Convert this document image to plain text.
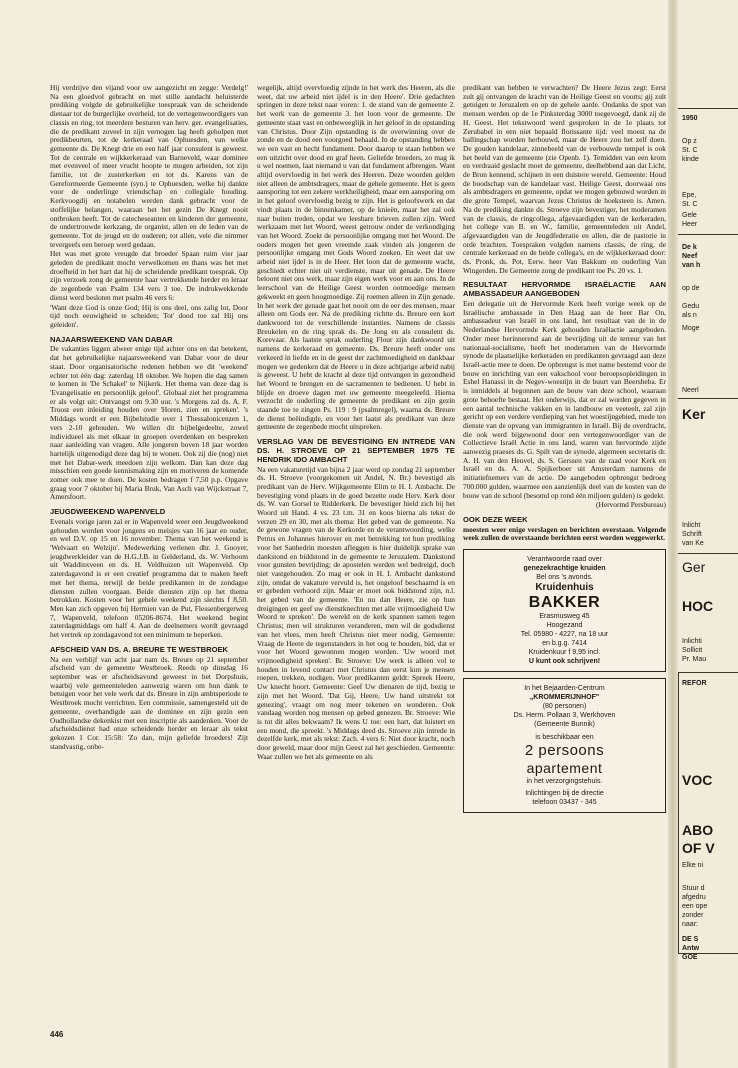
Hij verdrijve den vijand voor uw aangezicht en zegge: Verdelg!' Na een gloedvol gebracht en met stille aandacht beluisterde prediking volgde de gebruikelijke toespraak van de scheidende dienaar tot de burgerlijke overheid, tot de vertegenwoordigers van classis en ring, tot meerdere besturen van herv. ger. evangelisaties, die de predikant zoveel in zijn vernogen lag heeft geholpen met predikbeurten, tot de kerkeraad van Ophuesden, van welke gemeente ds. De Knegt drie en een half jaar consulent is geweest. Tot de centrale en wijkkerkeraad van Barneveld, waar dominee met evenveel of meer vrucht hoopte te mogen arbeiden, tot zijn familie, tot de zusterkerken en tot ds. Karens van de Gereformeerde Gemeente (syn.) te Ophuesden, welke hij dankte voor de onderlinge vriendschap en collegiale houding. Kerkvoogdij en notabelen werden dank gebracht voor de stoffelijke belangen, waaraan het het gezin De Knegt nooit ontbroken heeft. Tot de catecheseanten en kinderen der gemeente, de ondertrouwde kerkzang, de organist, allen en de leden van de gemeente. Tot de jeugd en de ouderen; tot allen, vele die nimmer tevergeefs een beroep werd gedaan.

Het was met grote vreugde dat broeder Spaan ruim vier jaar geleden de predikant mocht verwelkomen en thans was het met droefheid in het hart dat hij de scheidende predikant toesprak. Op zijn verzoek zong de gemeente haar vertrekkende herder en leraar de zegenbede van Psalm 134 vers 3 toe. De indrukwekkende dienst werd besloten met psalm 46 vers 6:

'Want deze God is onze God; Hij is ons deel, ons zalig lot, Door tijd noch eeuwigheid te scheiden; Tot' dood toe zal Hij ons geleiden'.

NAJAARSWEEKEND VAN DABAR

De vakanties liggen alweer enige tijd achter ons en dat betekent, dat het gebruikelijke najaarsweekend van Dabar voor de deur staat. Door organisatorische redenen hebben we dit 'weekend' echter tot één dag: zaterdag 18 oktober. We hopen die dag samen te komen in 'De Schakel' te Nijkerk. Het thema van deze dag is 'Evangelisatie en persoonlijk geloof'. Globaal ziet het programma er als volgt uit: Ontvangst om 9.30 uur. 's Morgens zal ds. A. F. Troost een inleiding houden over 'Horen, zien en spreken'. 's Middags wordt er een Bijbelstudie over 1 Thessalonicenzen 1, vers 2-10 gehouden. We willen dit bijbelgedeelte, zowel individueel als met elkaar in groepen overdenken en bespreken naar aanleiding van vragen. Alle jongeren boven 18 jaar worden hartelijk uitgenodigd deze dag bij te wonen. Ook zij die (nog) niet met het Dabar-werk meedoen zijn welkom. Dan kan deze dag misschien een goede kennismaking zijn en motiveren de komende zomer ook mee te doen. De kosten bedragen f 7,50 p.p. Opgave graag voor 7 oktober bij Maria Bruk, Van Asch van Wijckstraat 7, Amersfoort.

JEUGDWEEKEND WAPENVELD

Evenals vorige jaren zal er in Wapenveld weer een Jeugdweekend gehouden worden voor jongens en meisjes van 16 jaar en ouder, en wel D.V. op 15 en 16 november. Thema van het weekend is 'Welvaart en Welzijn'. Medewerking verlenen dhr. J. Gooyer, jeugdwerkleider van de H.G.J.B. in Gelderland, ds. W. Verhoom uit Waddinxveen en ds. H. Veldhuizen uit Wapenveld. Op zaterdagavond is er een creatief programma dat te maken heeft met het thema, terwijl de beide predikanten in de zondagse diensten zullen voorgaan. Beide diensten zijn op het thema betrokken. Kosten voor het gehele weekend zijn slechts f 8,50. Men kan zich opgeven bij Hermien van de Put, Flessenbergerweg 7, Wapenveld, telefoon 05206-8674. Het weekend begint zaterdagmiddags om half 4. Aan de deelnemers wordt gevraagd het vertrek op zondagavond tot een minimum te beperken.

AFSCHEID VAN DS. A. BREURE TE WESTBROEK

Na een verblijf van acht jaar nam ds. Breure op 21 september afscheid van de gemeente Westbroek. Reeds op dinsdag 16 september was er afscheidsavond geweest in het Dorpshuis, waarbij vele gemeenteleden aanwezig waren om hun dank te betuigen voor het vele werk dat ds. Breure in zijn ambtsperiode te Westbroek mocht verrichten. Een commissie, samengesteld uit de gemeente, overhandigde aan de dominee en zijn gezin een Oudhollandse dekenkist met een inscriptie als aandenken. Voor de afscheidsdienst had onze scheidende herder en leraar als tekst gekozen 1 Cor. 15:58: 'Zo dan, mijn geliefde broeders! Zijt standvastig, onbe-

wegelijk, altijd overvloedig zijnde in het werk des Heeren, als die weet, dat uw arbeid niet ijdel is in den Heere'. Drie gedachten springen in deze tekst naar voren: 1. de stand van de gemeente 2. het werk van de gemeente 3. het loon voor de gemeente. De gemeente staat vast en onbeweeglijk in het geloof in de opstanding van Christus. Door Zijn opstanding is de overwinning over de zonde en de dood een voorgoed behaald. In de opstanding hebben we een vast en hecht fundament. Door daarop te staan hebben we een uitzicht over dood en graf heen. Geliefde broeders, zo mag ik u wel noemen, laat niemand u van dat fundament afbrengen. Want altijd overvloedig in het werk des Heeren. Deze woorden gelden niet alleen de ambtsdragers, maar de gehele gemeente. Het is geen aansporing tot een zekere werkheiligheid, maar een aansporing om in het geloof overvloedig bezig te zijn. Het is geloofswerk en dat vindt plaats in de binnenkamer, op de knieën, maar het zal ook naar buiten treden, opdat we leesbare brieven zullen zijn. Werd werkzaam met het Woord, weest getrouw onder de verkondiging van het Woord. Zoekt de persoonlijke omgang met het Woord. De ouders mogen het geen vreemde zaak vinden als jongeren de persoonlijke omgang met Gods Woord zoeken. En weet dat uw arbeid niet ijdel is in de Heer. Het loon dat de gemeente wacht, geschiedt echter niet uit verdienste, maar uit genade. De Heere beloont niet ons werk, maar zijn eigen werk voor en aan ons. In de leerschool van de Heilige Geest worden ootmoedige mensen gekweekt en geen hoogmoedige. Zij roemen alleen in Zijn genade. In het werk der genade gaat het nooit om de eer des mensen, maar alleen om Gods eer. Na de prediking richtte ds. Breure een kort dankwoord tot de verschillende instanties. Namens de classis Breukelen en de ring sprak ds. De Jong en als consulent ds. Korevaar. Als laatste sprak ouderling Flour zijn dankwoord uit namens de kerkeraad en gemeente. Ds. Breure heeft onder ons verkeerd in liefde en in de geest der zachtmoedigheid en dankbaar mogen we gedenken dat de Heere u in deze achtjarige arbeid nabij is geweest. U hebt de kracht al deze tijd ontvangen in gezondheid het Woord te brengen en de sacramenten te bedienen. U hebt in blijde en droeve dagen met uw gemeente meegeleefd. Hierna verzocht de ouderling de gemeente de predikant en zijn gezin staande toe te zingen Ps. 119 : 9 (psalmregel), waarna ds. Breure de dienst beëindigde, en voor het laatst als predikant van deze gemeente de zegenbede mocht uitspreken.

VERSLAG VAN DE BEVESTIGING EN INTREDE VAN DS. H. STROEVE OP 21 SEPTEMBER 1975 TE HENDRIK IDO AMBACHT

Na een vakaturetijd van bijna 2 jaar werd op zondag 21 september ds. H. Stroeve (voorgekomen uit Andel, N. Br.) bevestigd als predikant van de Herv. Wijkgemeente Elim te H. I. Ambacht. De bevestiging vond plaats in de goed bezette oude Herv. Kerk door ds. W. van Gorsel te Ridderkerk. De bevestiger hield zich bij het Woord uit Hand. 4 vs. 23 t.m. 31 en koos hierna als tekst de verzen 29 en 30, met als thema: Het gebed van de gemeente. Na de gewone vragen van de Kerkorde en de verantwoording, welke Petrus en Johannes hierover en met betrekking tot hun prediking voor het Sanhedrin moesten afleggen is hier duidelijk sprake van dankstond en biddstond in de gemeente te Jeruzalem. Dankstond voor gunsten bevrijding; de apostelen werden wel bedreigd, doch niet vastgehouden. Zo mag er ook in H. I. Ambacht dankstond zijn, omdat de vakature vervuld is, het ongeloof beschaamd is en er gebeden verhoord zijn. Maar er moet ook biddstond zijn, n.l. het gebed van de gemeente. 'En nu dan Heere, zie op hun dreigingen en geef uw dienstknechten met alle vrijmoedigheid Uw Woord te spreken'. De wereld en de kerk spannen samen tegen Christus; men wil strukturen veranderen, men wil de godsdienst van het vlees, men heeft Christus niet meer nodig. Gemeente: Vraag de Heere de tegenstanders in het oog te houden, bid, dat er voor het Woord gewonnen mogen worden. 'Uw woord met vrijmoedigheid spreken'. Br. Stroeve: Uw werk is alleen vol te houden in levend contact met Christus dan eerst kun je mensen roepen, trekken, nodigen. Voor predikanten geldt: Spreek Heere, Uw knecht hoort. Gemeente: Geef Uw dienaren de tijd, bezig te zijn met het Woord. 'Dat Gij, Heere, Uw hand uitstrekt tot genezing', vraagt om nog meer tekenen en wonderen. Ook vandaag worden nog mensen op gebed genezen. Br. Stroeve: Wie is tot dit alles bekwaam? Ik wens U toe: een hart, dat luistert en een mond, die spreekt. 's Middags deed ds. Stroeve zijn intrede in dezelfde kerk, met als tekst: Zach. 4 vers 6: Niet door kracht, noch door geweld, maar door mijn Geest zal het geschieden. Gemeente: Waar zullen we het als gemeente en als

predikant van hebben te verwachten? De Heere Jezus zegt: Eerst zult gij ontvangen de kracht van de Heilige Geest en voorts; gij zult getuigen te Jeruzalem en op de gehele aarde. Ondanks de spot van mensen werden op de 1e Pinksterdag 3000 toegevoegd, dank zij de H. Geest. Het tekstwoord werd gesproken in de 1e plaats tot Zerubabel in een niet bepaald florissante tijd: veel moest na de ballingschap worden herbouwd, maar de Heere zou het zelf doen. De gouden kandelaar, zinnebeeld van de verbouwde tempel is ook het beeld van de gemeente (zie Openb. 1). Temidden van een krom en verdraaid geslacht moet de gemeente, deelhebbend aan dat Licht, de Bron kennend, schijnen in een duistere wereld. Gemeente: Houd de boodschap van de kandelaar vast. Heilige Geest, doorwaai ons als ambtsdragers en gemeente, opdat we mogen gebouwd worden in die grote Tempel, waarvan Jezus Christus de hoeksteen is. Amen. Na de prediking dankte ds. Stroeve zijn bevestiger, het moderamen van de classis, de ringcollega, afgevaardigden van de kerkeraden, het college van B. en W., familie, gemeenteleden uit Andel, afgevaardigden van de Jeugdfederatie en allen, die de pastorie in orde brachten. Toespraken volgden namens classis, de ring, de centrale kerkeraad en de beide collega's, en de wijkkerkeraad door: ds. Pronk, ds. Pot, Eerw. heer Van Bakkum en ouderling Van Wingerden. De Gemeente zong de predikant toe Ps. 20 vs. 1.

RESULTAAT HERVORMDE ISRAËLACTIE AAN AMBASSADEUR AANGEBODEN

Een delegatie uit de Hervormde Kerk heeft vorige week op de Israëlische ambassade in Den Haag aan de heer Bar On, ambassadeur van Israël in ons land, het resultaat van de in de Nederlandse Hervormde Kerk gehouden Israëlactie aangeboden. Onder meer herinnerend aan de bevrijding uit de terreur van het nationaal-socialisme, heeft het moderamen van de Hervormde synode de plaatselijke kerkeraden en predikanten gevraagd aan deze Israël-actie mee te doen. De opbrengst is met name bestemd voor de bouw en inrichting van een vakschool voor beroepsopleidingen in Eshel Hanassi in de Negev-woestijn in de buurt van Beersheba. Er is inmiddels al begonnen aan de bouw van deze school, waaraan grote behoefte bestaat. Het onderwijs, dat er zal worden gegeven in een aantal technische vakken en in landbouw en veeteelt, zal zijn gericht op een verdere verdieping van het woestijngebied, mede ten dienste van de opvang van immigranten in Israël. Bij de overdracht, die ook werd bijgewoond door een vertegenwoordiger van de Collectieve Israël Actie in ons land, waren van hervormde zijde aanwezig praeses ds. G. Spilt van de synode, algemeen secretaris dr. A. H. van den Heuvel, ds. S. Gerssen van de raad voor Kerk en Israël en ds. A. A. Spijkerboer uit Amsterdam namens de initiatiefnemers van de actie. De aangeboden opbrengst bedroeg 700.000 gulden, waarmee een aanzienlijk deel van de kosten van de bouw van de school (besomd op rond één miljoen gulden) is gedekt.

(Hervormd Persbureau)

OOK DEZE WEEK

moesten weer enige verslagen en berichten overstaan. Volgende week zullen de overstaande berichten eerst worden weggewerkt.

Verantwoorde raad over
genezekrachtige kruiden
Bel ons 's avonds.
Kruidenhuis
BAKKER
Erasmusweg 45
Hoogezand
Tel. 05980 - 4227, na 18 uur
en b.g.g. 7414
Kruidenkuur f 9,95 incl.
U kunt ook schrijven!
In het Bejaarden-Centrum
„KROMMERIJNHOF"
(80 personen)
Ds. Herm. Pollaan 3, Werkhoven
(Gemeente Bunnik)
is beschikbaar een
2 persoons
apartement
in het verzorgingstehuis.
Inlichtingen bij de directie
telefoon 03437 - 345
446
1950
Op z
St. C
kinde
Epe,
St. C
Gele
Heer
De k
Neef
van h
op de
Gedu
als n
Moge
Neerl
Ker
Inlicht
Schrift
van Ke
Ger
HOC
Inlichti
Sollicit
Pr. Mau
REFOR
VOC
ABO
OF V
Elke ni
Stuur d
afgedru
een ope
zonder
naar:
DE S
Antw
GOE
